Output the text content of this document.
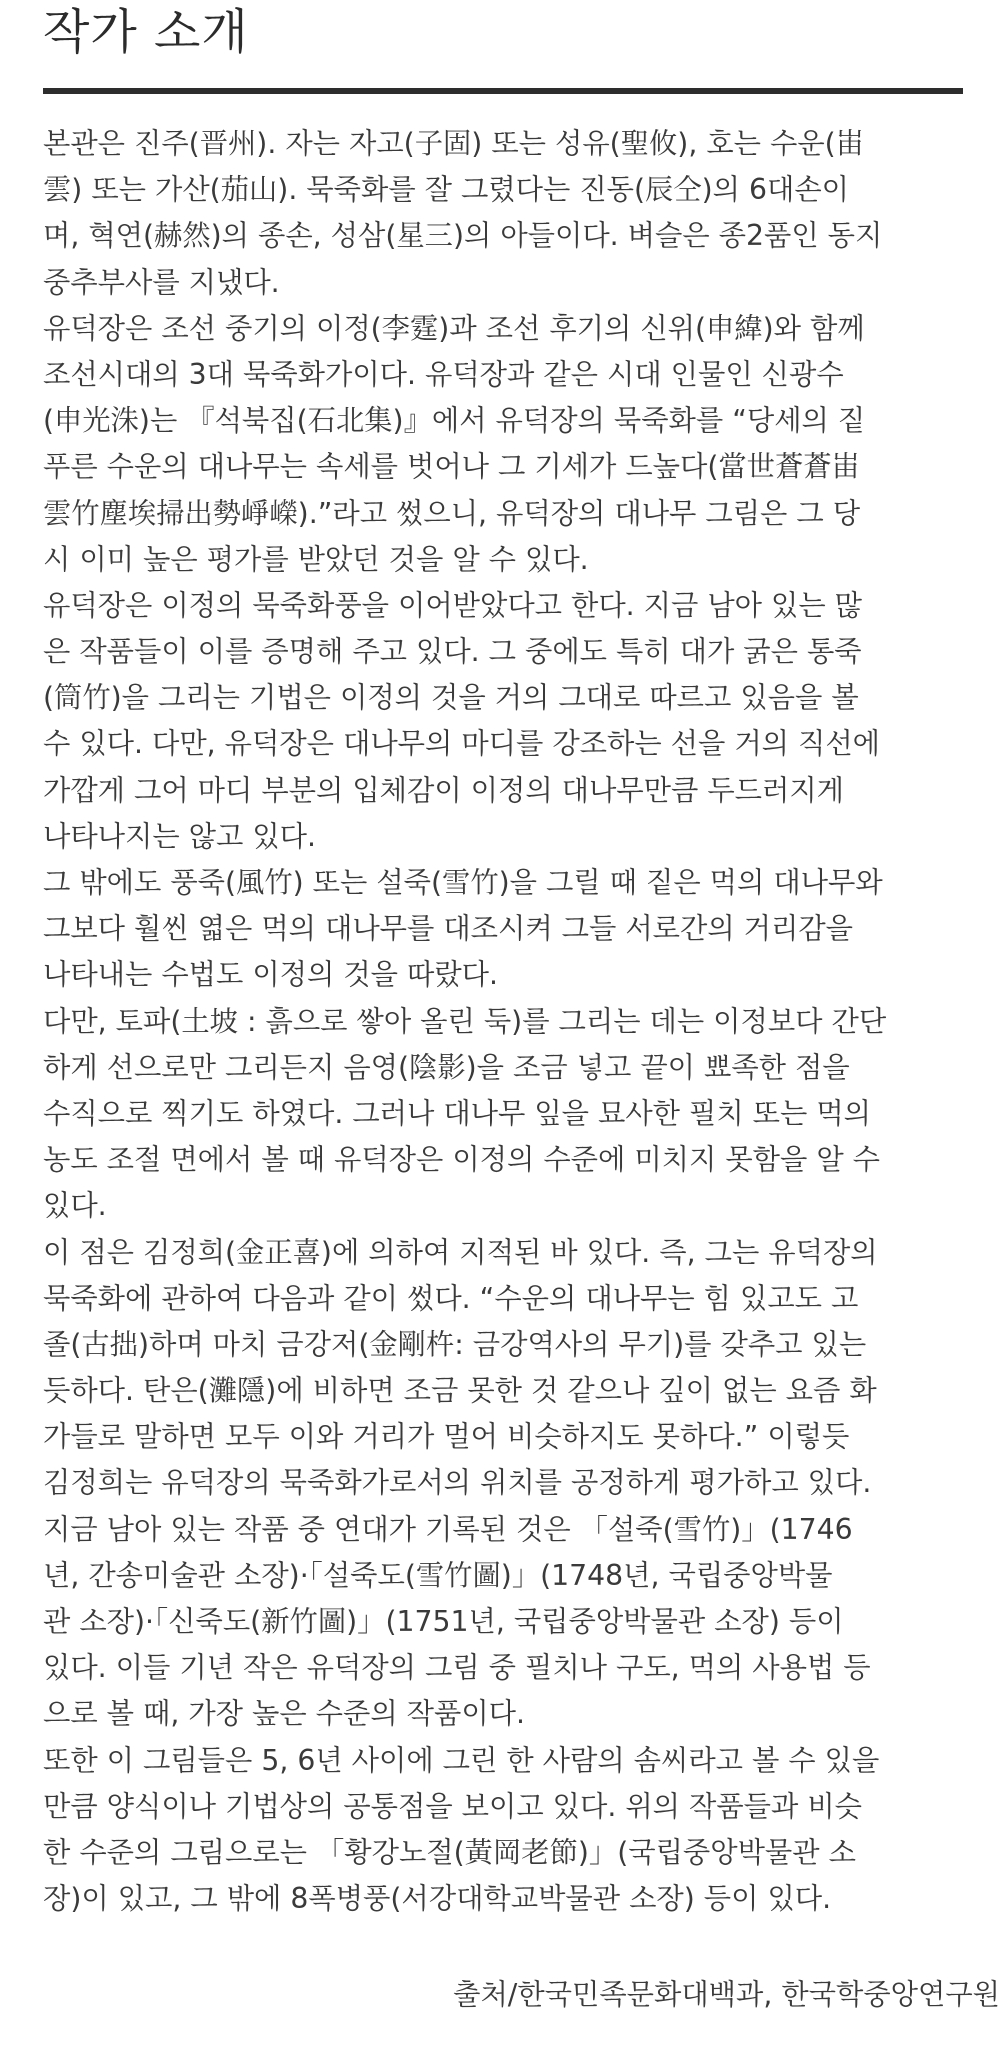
작가 소개
본관은 진주(晋州). 자는 자고(子固) 또는 성유(聖攸), 호는 수운(峀
雲) 또는 가산(茄山). 묵죽화를 잘 그렸다는 진동(辰仝)의 6대손이
며, 혁연(赫然)의 종손, 성삼(星三)의 아들이다. 벼슬은 종2품인 동지
중추부사를 지냈다.
유덕장은 조선 중기의 이정(李霆)과 조선 후기의 신위(申緯)와 함께
조선시대의 3대 묵죽화가이다. 유덕장과 같은 시대 인물인 신광수
(申光洙)는 『석북집(石北集)』에서 유덕장의 묵죽화를 “당세의 짙
푸른 수운의 대나무는 속세를 벗어나 그 기세가 드높다(當世蒼蒼峀
雲竹塵埃掃出勢崢嶸).”라고 썼으니, 유덕장의 대나무 그림은 그 당
시 이미 높은 평가를 받았던 것을 알 수 있다.
유덕장은 이정의 묵죽화풍을 이어받았다고 한다. 지금 남아 있는 많
은 작품들이 이를 증명해 주고 있다. 그 중에도 특히 대가 굵은 통죽
(筒竹)을 그리는 기법은 이정의 것을 거의 그대로 따르고 있음을 볼
수 있다. 다만, 유덕장은 대나무의 마디를 강조하는 선을 거의 직선에
가깝게 그어 마디 부분의 입체감이 이정의 대나무만큼 두드러지게
나타나지는 않고 있다.
그 밖에도 풍죽(風竹) 또는 설죽(雪竹)을 그릴 때 짙은 먹의 대나무와
그보다 훨씬 엷은 먹의 대나무를 대조시켜 그들 서로간의 거리감을
나타내는 수법도 이정의 것을 따랐다.
다만, 토파(土坡 : 흙으로 쌓아 올린 둑)를 그리는 데는 이정보다 간단
하게 선으로만 그리든지 음영(陰影)을 조금 넣고 끝이 뾰족한 점을
수직으로 찍기도 하였다. 그러나 대나무 잎을 묘사한 필치 또는 먹의
농도 조절 면에서 볼 때 유덕장은 이정의 수준에 미치지 못함을 알 수
있다.
이 점은 김정희(金正喜)에 의하여 지적된 바 있다. 즉, 그는 유덕장의
묵죽화에 관하여 다음과 같이 썼다. “수운의 대나무는 힘 있고도 고
졸(古拙)하며 마치 금강저(金剛杵: 금강역사의 무기)를 갖추고 있는
듯하다. 탄은(灘隱)에 비하면 조금 못한 것 같으나 깊이 없는 요즘 화
가들로 말하면 모두 이와 거리가 멀어 비슷하지도 못하다.” 이렇듯
김정희는 유덕장의 묵죽화가로서의 위치를 공정하게 평가하고 있다.
지금 남아 있는 작품 중 연대가 기록된 것은 「설죽(雪竹)」(1746
년, 간송미술관 소장)·「설죽도(雪竹圖)」(1748년, 국립중앙박물
관 소장)·「신죽도(新竹圖)」(1751년, 국립중앙박물관 소장) 등이
있다. 이들 기년 작은 유덕장의 그림 중 필치나 구도, 먹의 사용법 등
으로 볼 때, 가장 높은 수준의 작품이다.
또한 이 그림들은 5, 6년 사이에 그린 한 사람의 솜씨라고 볼 수 있을
만큼 양식이나 기법상의 공통점을 보이고 있다. 위의 작품들과 비슷
한 수준의 그림으로는 「황강노절(黃岡老節)」(국립중앙박물관 소
장)이 있고, 그 밖에 8폭병풍(서강대학교박물관 소장) 등이 있다.
출처/한국민족문화대백과, 한국학중앙연구원
